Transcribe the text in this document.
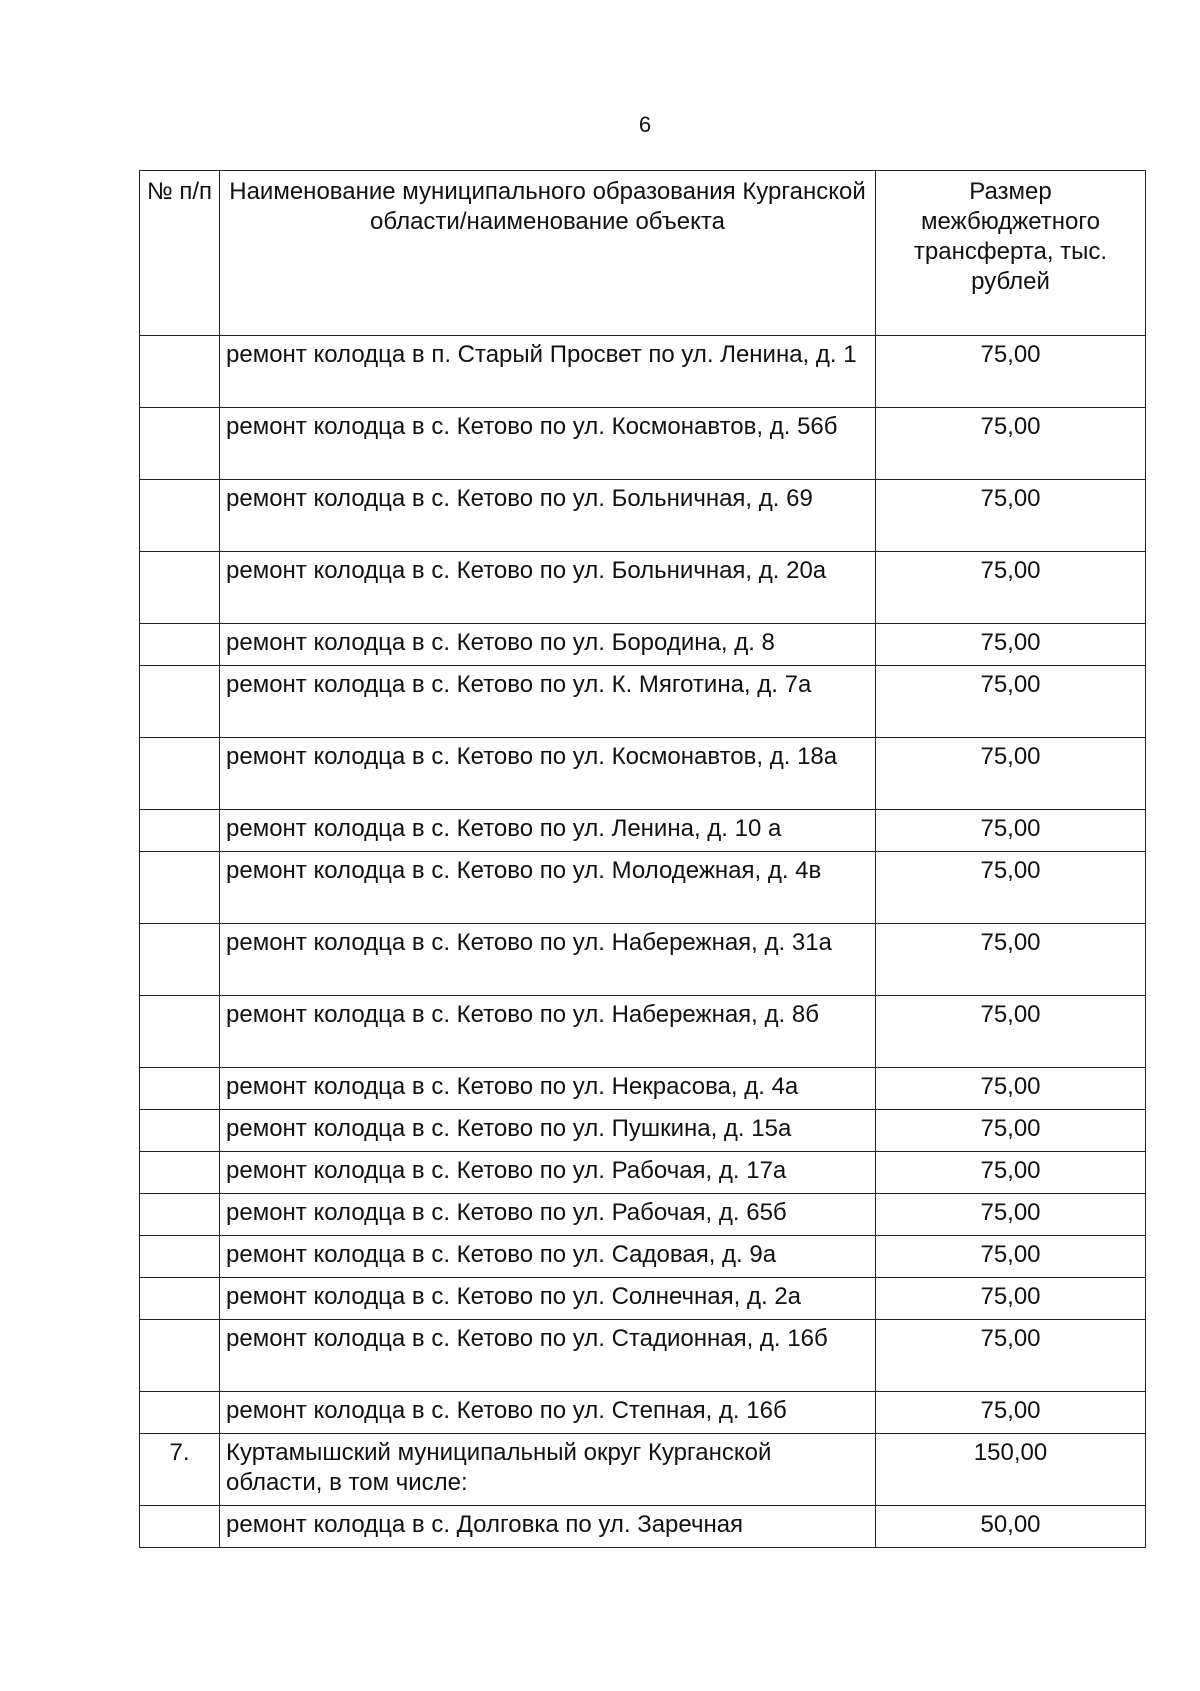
6
№ п/п	Наименование муниципального образования Курганской области/наименование объекта	Размер межбюджетного трансферта, тыс. рублей
	ремонт колодца в п. Старый Просвет по ул. Ленина, д. 1	75,00
	ремонт колодца в с. Кетово по ул. Космонавтов, д. 56б	75,00
	ремонт колодца в с. Кетово по ул. Больничная, д. 69	75,00
	ремонт колодца в с. Кетово по ул. Больничная, д. 20а	75,00
	ремонт колодца в с. Кетово по ул. Бородина, д. 8	75,00
	ремонт колодца в с. Кетово по ул. К. Мяготина, д. 7а	75,00
	ремонт колодца в с. Кетово по ул. Космонавтов, д. 18а	75,00
	ремонт колодца в с. Кетово по ул. Ленина, д. 10 а	75,00
	ремонт колодца в с. Кетово по ул. Молодежная, д. 4в	75,00
	ремонт колодца в с. Кетово по ул. Набережная, д. 31а	75,00
	ремонт колодца в с. Кетово по ул. Набережная, д. 8б	75,00
	ремонт колодца в с. Кетово по ул. Некрасова, д. 4а	75,00
	ремонт колодца в с. Кетово по ул. Пушкина, д. 15а	75,00
	ремонт колодца в с. Кетово по ул. Рабочая, д. 17а	75,00
	ремонт колодца в с. Кетово по ул. Рабочая, д. 65б	75,00
	ремонт колодца в с. Кетово по ул. Садовая, д. 9а	75,00
	ремонт колодца в с. Кетово по ул. Солнечная, д. 2а	75,00
	ремонт колодца в с. Кетово по ул. Стадионная, д. 16б	75,00
	ремонт колодца в с. Кетово по ул. Степная, д. 16б	75,00
7.	Куртамышский муниципальный округ Курганской области, в том числе:	150,00
	ремонт колодца в с. Долговка по ул. Заречная	50,00
